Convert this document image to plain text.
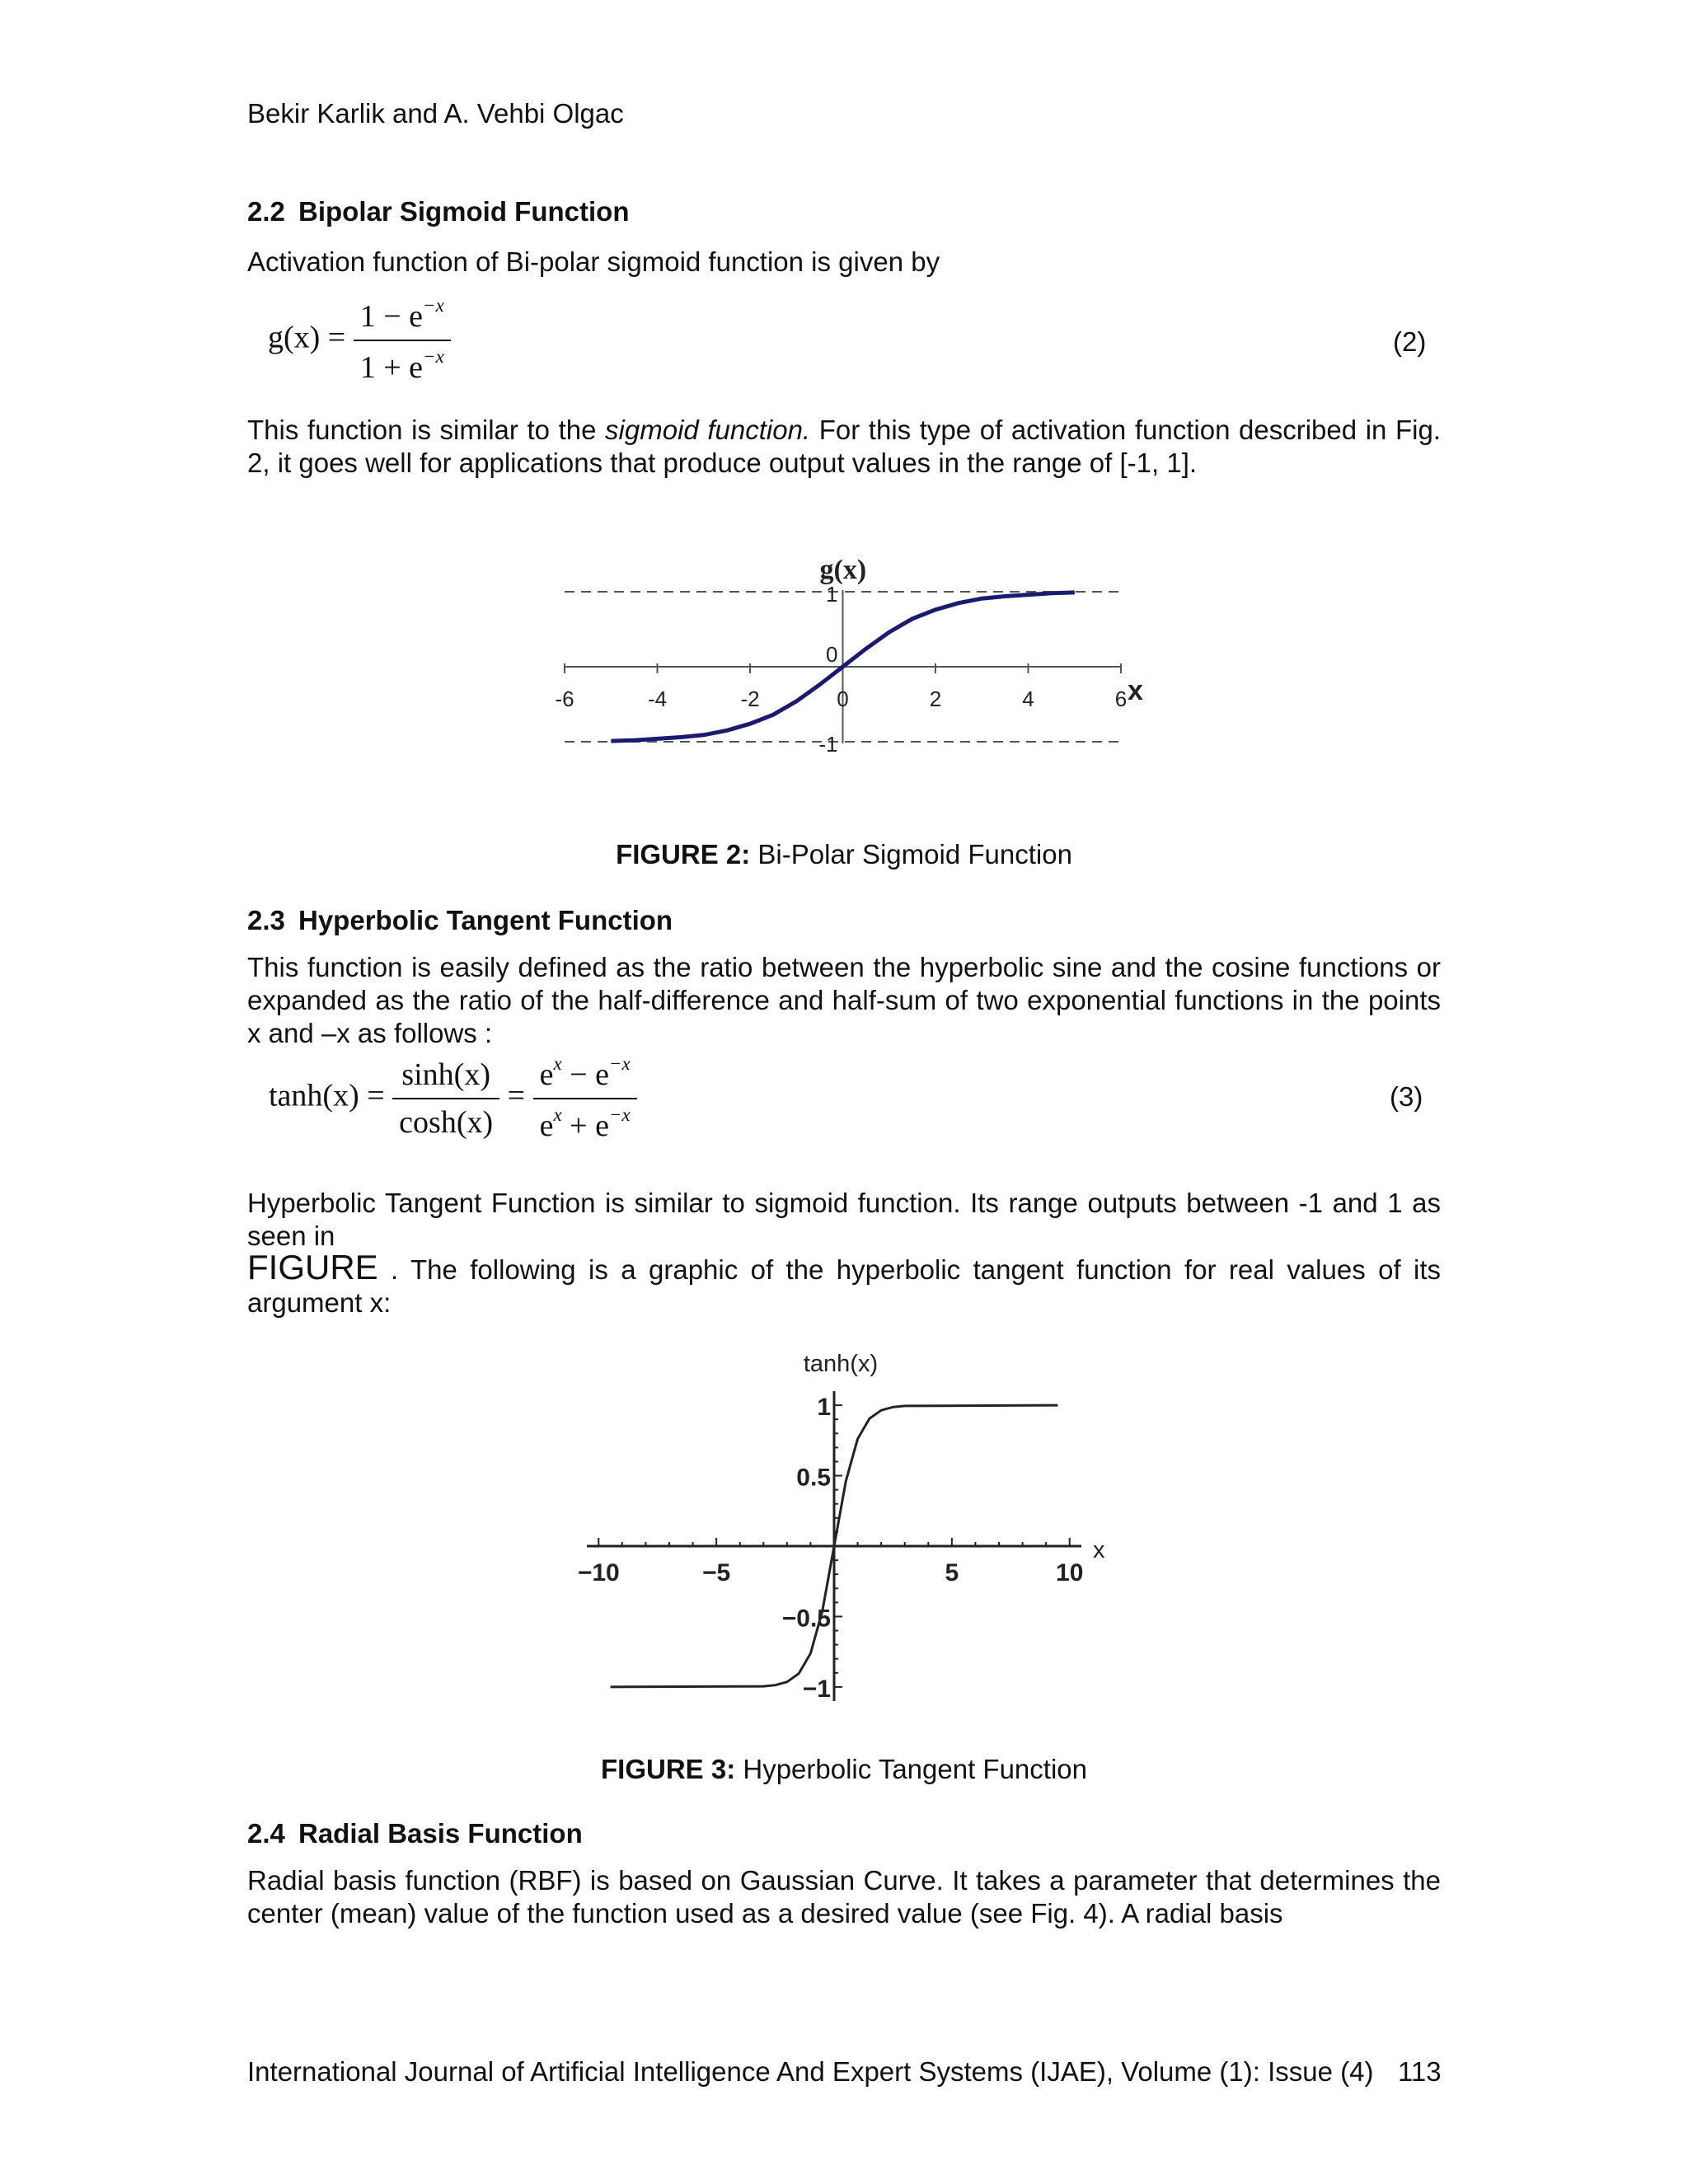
Bekir Karlik and A. Vehbi Olgac
2.2 Bipolar Sigmoid Function
Activation function of Bi-polar sigmoid function is given by
$g(x) = \frac{1 - e^{-x}}{1 + e^{-x}}$	(2)
This function is similar to the sigmoid function. For this type of activation function described in Fig. 2, it goes well for applications that produce output values in the range of [-1, 1].
-6	-4	-2	0	2	4	6
1
0
-1
g(x)
x
FIGURE 2: Bi-Polar Sigmoid Function
2.3 Hyperbolic Tangent Function
This function is easily defined as the ratio between the hyperbolic sine and the cosine functions or expanded as the ratio of the half-difference and half-sum of two exponential functions in the points x and –x as follows :
$\tanh(x) = \frac{\sinh(x)}{\cosh(x)} = \frac{e^x - e^{-x}}{e^x + e^{-x}}$	(3)
Hyperbolic Tangent Function is similar to sigmoid function. Its range outputs between -1 and 1 as seen in
FIGURE . The following is a graphic of the hyperbolic tangent function for real values of its argument x:
−10	−5	5	10
1
0.5
−0.5
−1
tanh(x)
x
FIGURE 3: Hyperbolic Tangent Function
2.4 Radial Basis Function
Radial basis function (RBF) is based on Gaussian Curve. It takes a parameter that determines the center (mean) value of the function used as a desired value (see Fig. 4). A radial basis
International Journal of Artificial Intelligence And Expert Systems (IJAE), Volume (1): Issue (4) 113
